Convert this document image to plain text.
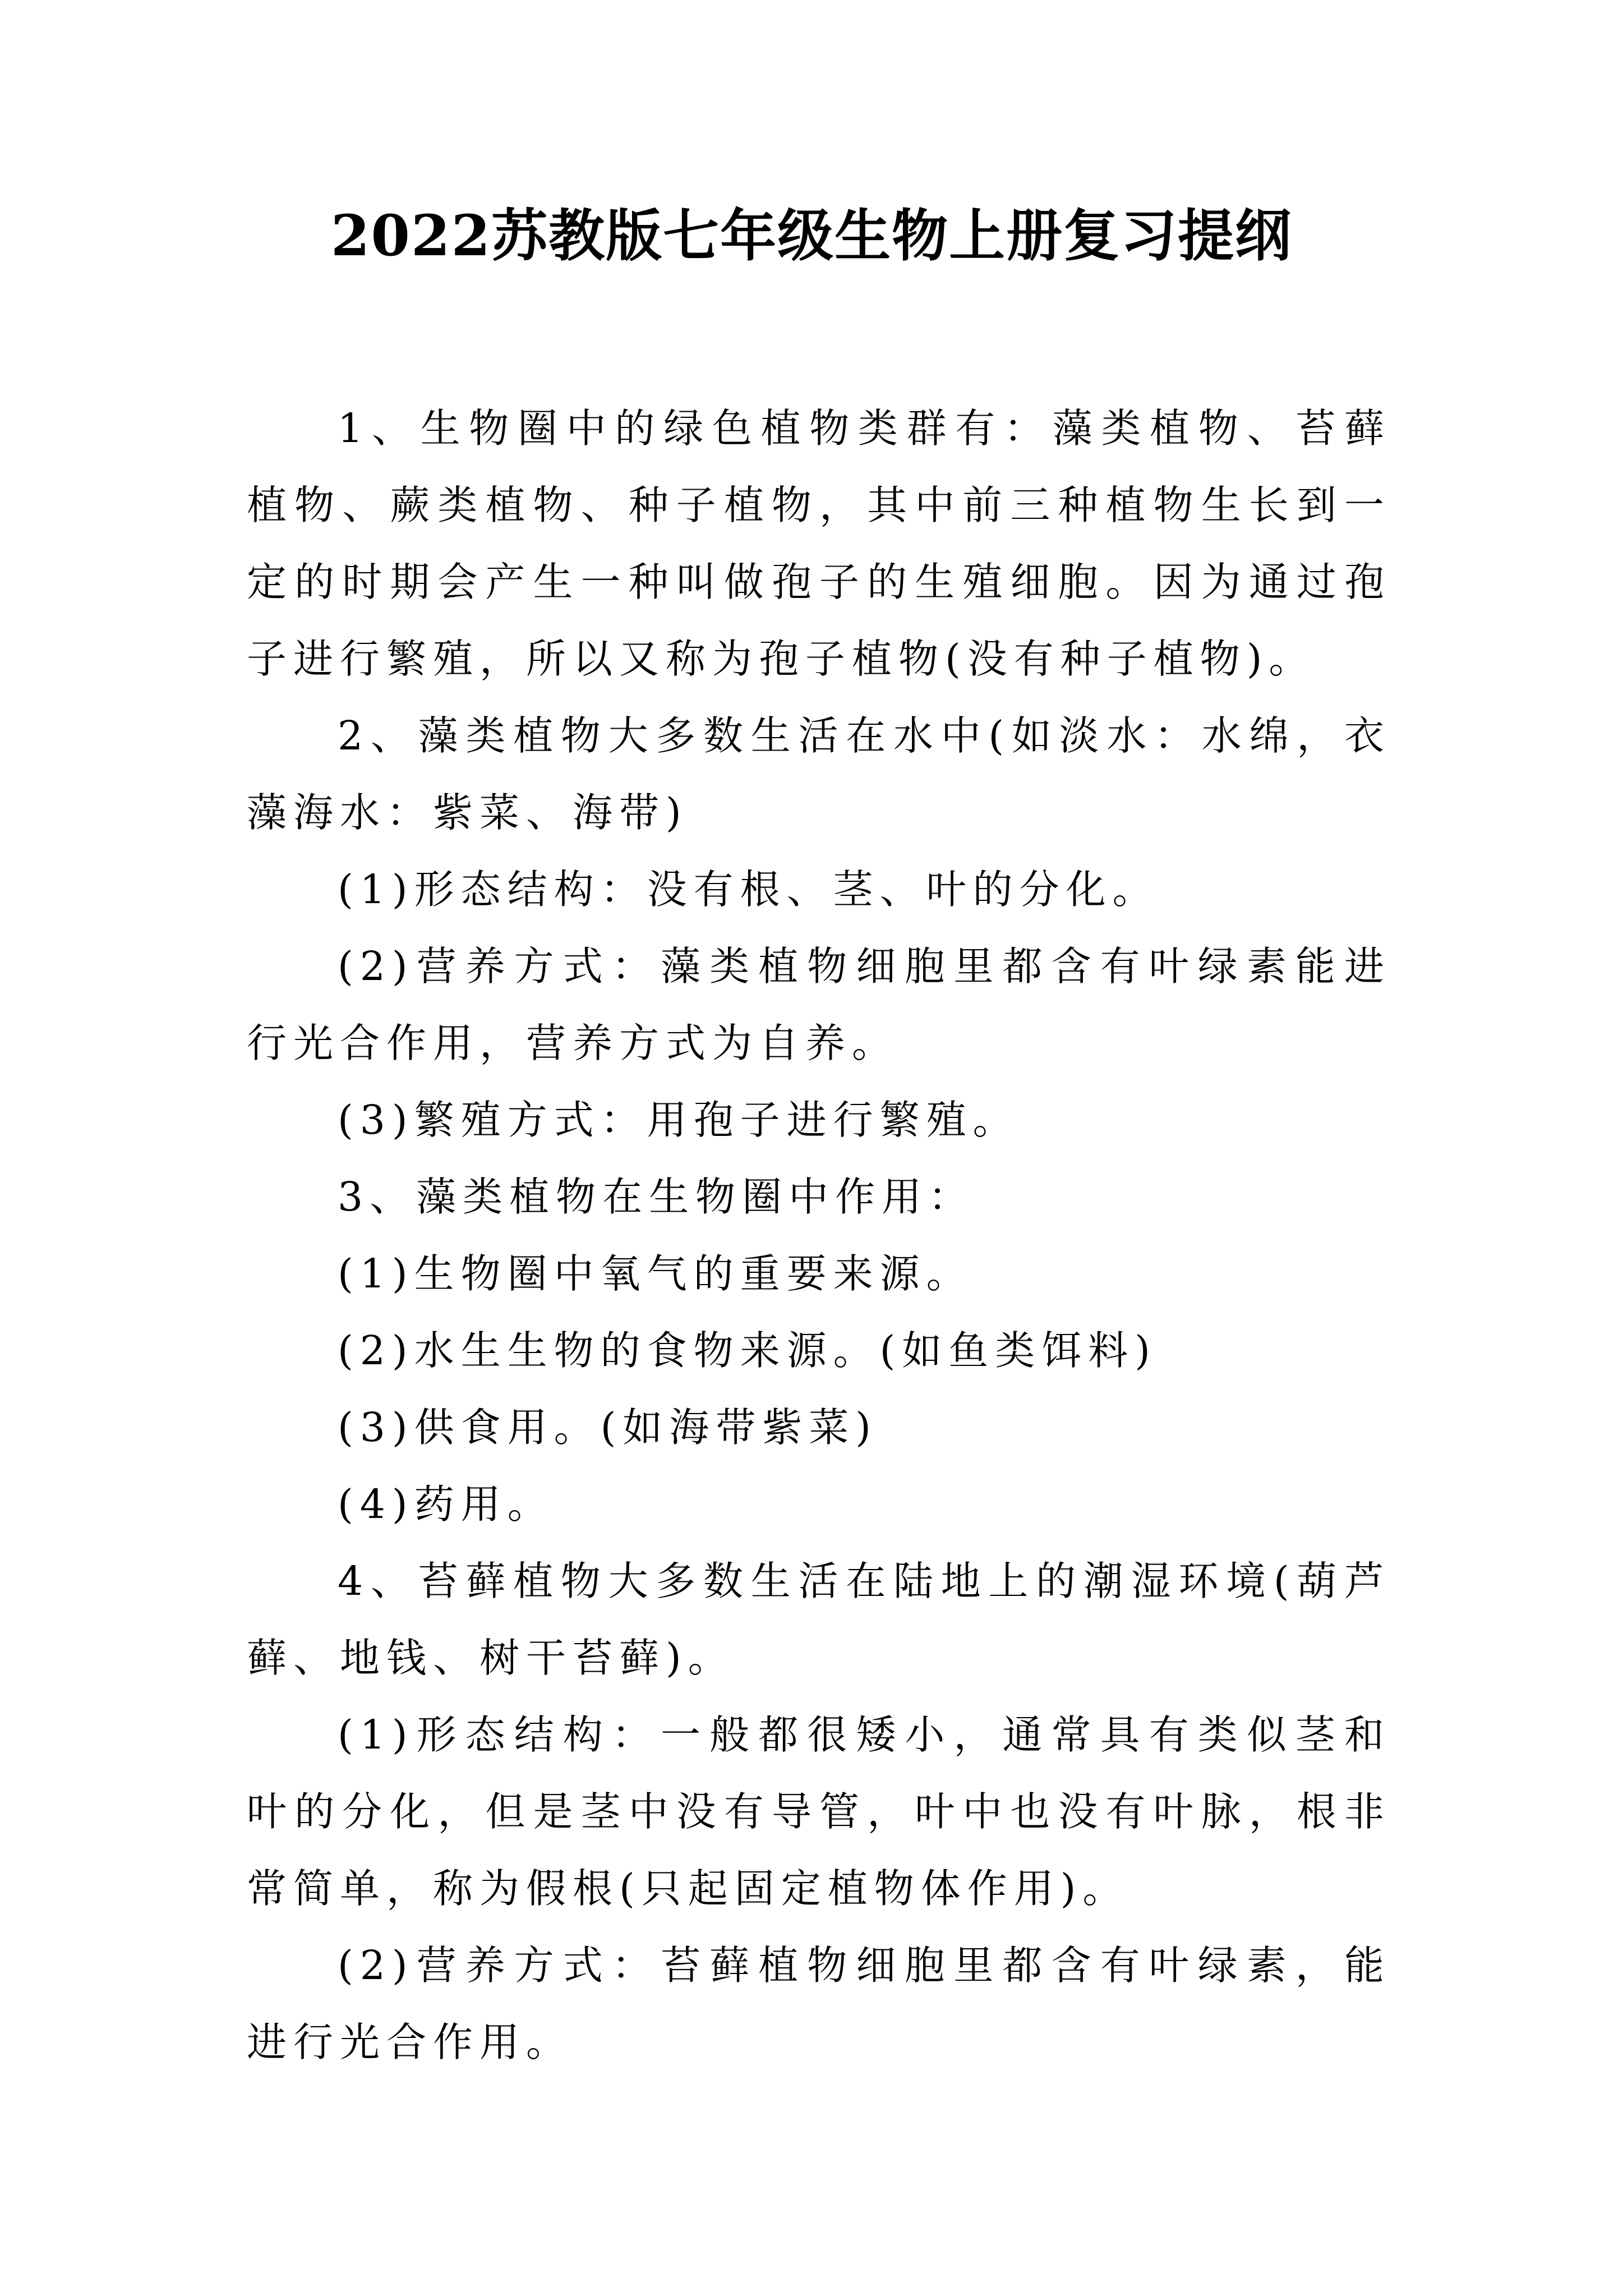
2022苏教版七年级生物上册复习提纲

1、生物圈中的绿色植物类群有：藻类植物、苔藓植物、蕨类植物、种子植物，其中前三种植物生长到一定的时期会产生一种叫做孢子的生殖细胞。因为通过孢子进行繁殖，所以又称为孢子植物(没有种子植物)。

2、藻类植物大多数生活在水中(如淡水：水绵，衣藻海水：紫菜、海带)

(1)形态结构：没有根、茎、叶的分化。

(2)营养方式：藻类植物细胞里都含有叶绿素能进行光合作用，营养方式为自养。

(3)繁殖方式：用孢子进行繁殖。

3、藻类植物在生物圈中作用：

(1)生物圈中氧气的重要来源。

(2)水生生物的食物来源。(如鱼类饵料)

(3)供食用。(如海带紫菜)

(4)药用。

4、苔藓植物大多数生活在陆地上的潮湿环境(葫芦藓、地钱、树干苔藓)。

(1)形态结构：一般都很矮小，通常具有类似茎和叶的分化，但是茎中没有导管，叶中也没有叶脉，根非常简单，称为假根(只起固定植物体作用)。

(2)营养方式：苔藓植物细胞里都含有叶绿素，能进行光合作用。
